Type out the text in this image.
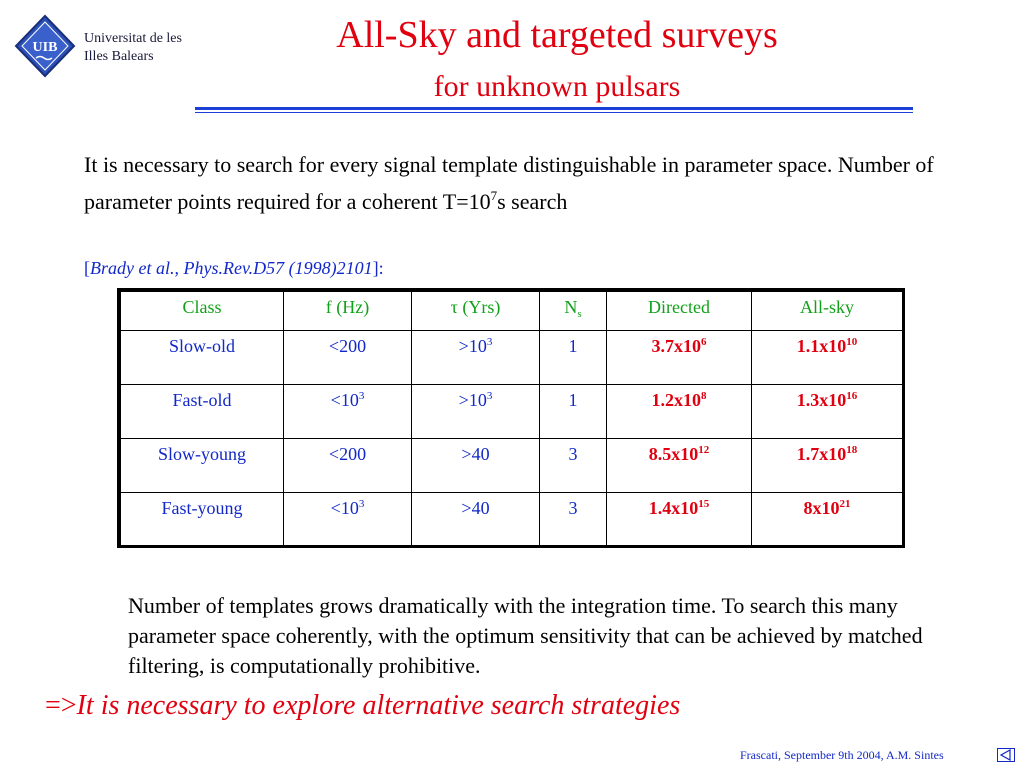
UIB
Universitat de les
Illes Balears
All-Sky and targeted surveys
for unknown pulsars
It is necessary to search for every signal template distinguishable in parameter space. Number of parameter points required for a coherent $T=10^7s$ search
[Brady et al., Phys.Rev.D57 (1998)2101]:
Class	f (Hz)	τ (Yrs)	$N_s$	Directed	All-sky
Slow-old	<200	$>10^3$	1	$3.7x10^6$	$1.1x10^{10}$
Fast-old	$<10^3$	$>10^3$	1	$1.2x10^8$	$1.3x10^{16}$
Slow-young	<200	>40	3	$8.5x10^{12}$	$1.7x10^{18}$
Fast-young	$<10^3$	>40	3	$1.4x10^{15}$	$8x10^{21}$
Number of templates grows dramatically with the integration time. To search this many parameter space coherently, with the optimum sensitivity that can be achieved by matched filtering, is computationally prohibitive.
=>It is necessary to explore alternative search strategies
Frascati, September 9th 2004, A.M. Sintes
